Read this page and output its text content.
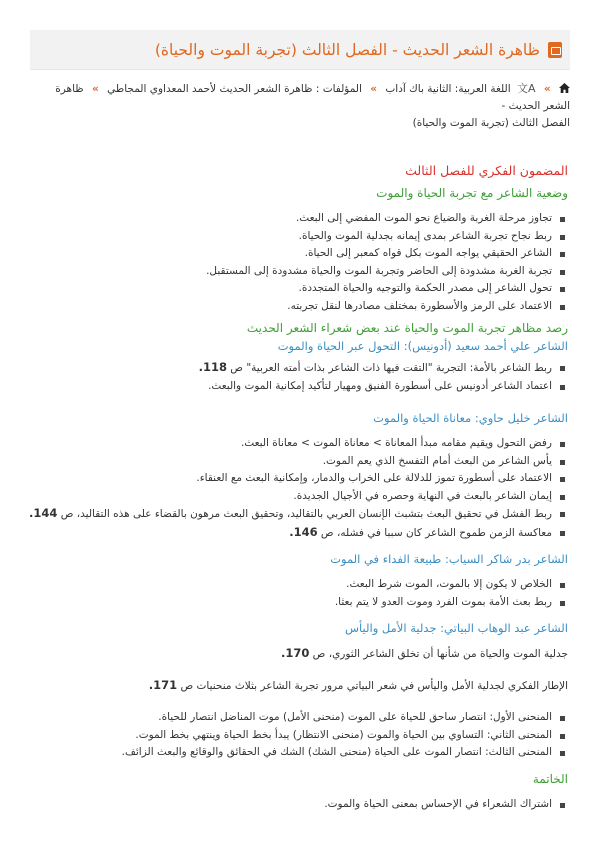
ظاهرة الشعر الحديث - الفصل الثالث (تجربة الموت والحياة)
» 文A اللغة العربية: الثانية باك آداب » المؤلفات : ظاهرة الشعر الحديث لأحمد المعداوي المجاطي » ظاهرة الشعر الحديث -
الفصل الثالث (تجربة الموت والحياة)
المضمون الفكري للفصل الثالث
وضعية الشاعر مع تجربة الحياة والموت
تجاوز مرحلة الغربة والضياع نحو الموت المفضي إلى البعث.
ربط نجاح تجربة الشاعر بمدى إيمانه بجدلية الموت والحياة.
الشاعر الحقيقي يواجه الموت بكل قواه كمعبر إلى الحياة.
تجربة الغربة مشدودة إلى الحاضر وتجربة الموت والحياة مشدودة إلى المستقبل.
تحول الشاعر إلى مصدر الحكمة والتوجيه والحياة المتجددة.
الاعتماد على الرمز والأسطورة بمختلف مصادرها لنقل تجربته.
رصد مظاهر تجربة الموت والحياة عند بعض شعراء الشعر الحديث
الشاعر علي أحمد سعيد (أدونيس): التحول عبر الحياة والموت
ربط الشاعر بالأمة: التجربة "التقت فيها ذات الشاعر بذات أمته العربية" ص 118.
اعتماد الشاعر أدونيس على أسطورة الفنيق ومهيار لتأكيد إمكانية الموت والبعث.
الشاعر خليل حاوي: معاناة الحياة والموت
رفض التحول ويقيم مقامه مبدأ المعاناة > معاناة الموت > معاناة البعث.
يأس الشاعر من البعث أمام التفسخ الذي يعم الموت.
الاعتماد على أسطورة تموز للدلالة على الخراب والدمار، وإمكانية البعث مع العنقاء.
إيمان الشاعر بالبعث في النهاية وحصره في الأجيال الجديدة.
ربط الفشل في تحقيق البعث بتشبث الإنسان العربي بالتقاليد، وتحقيق البعث مرهون بالقضاء على هذه التقاليد، ص 144.
معاكسة الزمن طموح الشاعر كان سببا في فشله، ص 146.
الشاعر بدر شاكر السياب: طبيعة الفداء في الموت
الخلاص لا يكون إلا بالموت، الموت شرط البعث.
ربط بعث الأمة بموت الفرد وموت العدو لا يتم بعثا.
الشاعر عبد الوهاب البياتي: جدلية الأمل واليأس

جدلية الموت والحياة من شأنها أن تخلق الشاعر الثوري، ص 170.

الإطار الفكري لجدلية الأمل واليأس في شعر البياتي مرور تجربة الشاعر بثلاث منحنيات ص 171.

المنحنى الأول: انتصار ساحق للحياة على الموت (منحنى الأمل) موت المناضل انتصار للحياة.
المنحنى الثاني: التساوي بين الحياة والموت (منحنى الانتظار) يبدأ بخط الحياة وينتهي بخط الموت.
المنحنى الثالث: انتصار الموت على الحياة (منحنى الشك) الشك في الحقائق والوقائع والبعث الزائف.
الخاتمة
اشتراك الشعراء في الإحساس بمعنى الحياة والموت.
